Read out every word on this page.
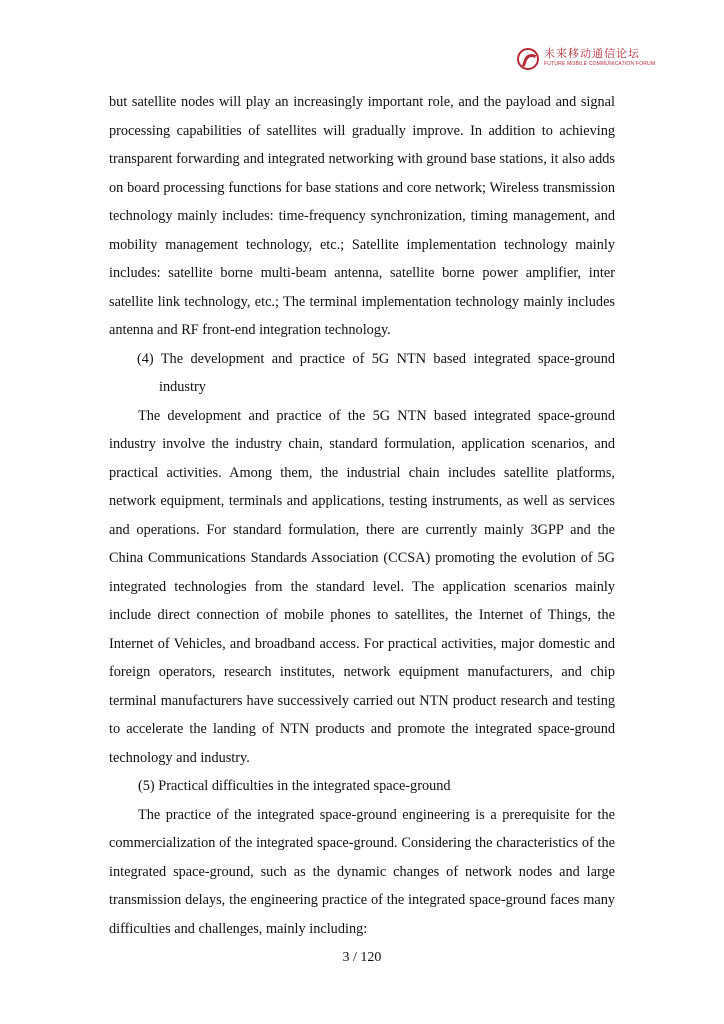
未来移动通信论坛
FUTURE MOBILE COMMUNICATION FORUM

but satellite nodes will play an increasingly important role, and the payload and signal processing capabilities of satellites will gradually improve. In addition to achieving transparent forwarding and integrated networking with ground base stations, it also adds on board processing functions for base stations and core network; Wireless transmission technology mainly includes: time-frequency synchronization, timing management, and mobility management technology, etc.; Satellite implementation technology mainly includes: satellite borne multi-beam antenna, satellite borne power amplifier, inter satellite link technology, etc.; The terminal implementation technology mainly includes antenna and RF front-end integration technology.

(4) The development and practice of 5G NTN based integrated space-ground industry

The development and practice of the 5G NTN based integrated space-ground industry involve the industry chain, standard formulation, application scenarios, and practical activities. Among them, the industrial chain includes satellite platforms, network equipment, terminals and applications, testing instruments, as well as services and operations. For standard formulation, there are currently mainly 3GPP and the China Communications Standards Association (CCSA) promoting the evolution of 5G integrated technologies from the standard level. The application scenarios mainly include direct connection of mobile phones to satellites, the Internet of Things, the Internet of Vehicles, and broadband access. For practical activities, major domestic and foreign operators, research institutes, network equipment manufacturers, and chip terminal manufacturers have successively carried out NTN product research and testing to accelerate the landing of NTN products and promote the integrated space-ground technology and industry.

(5) Practical difficulties in the integrated space-ground

The practice of the integrated space-ground engineering is a prerequisite for the commercialization of the integrated space-ground. Considering the characteristics of the integrated space-ground, such as the dynamic changes of network nodes and large transmission delays, the engineering practice of the integrated space-ground faces many difficulties and challenges, mainly including:

3 / 120
